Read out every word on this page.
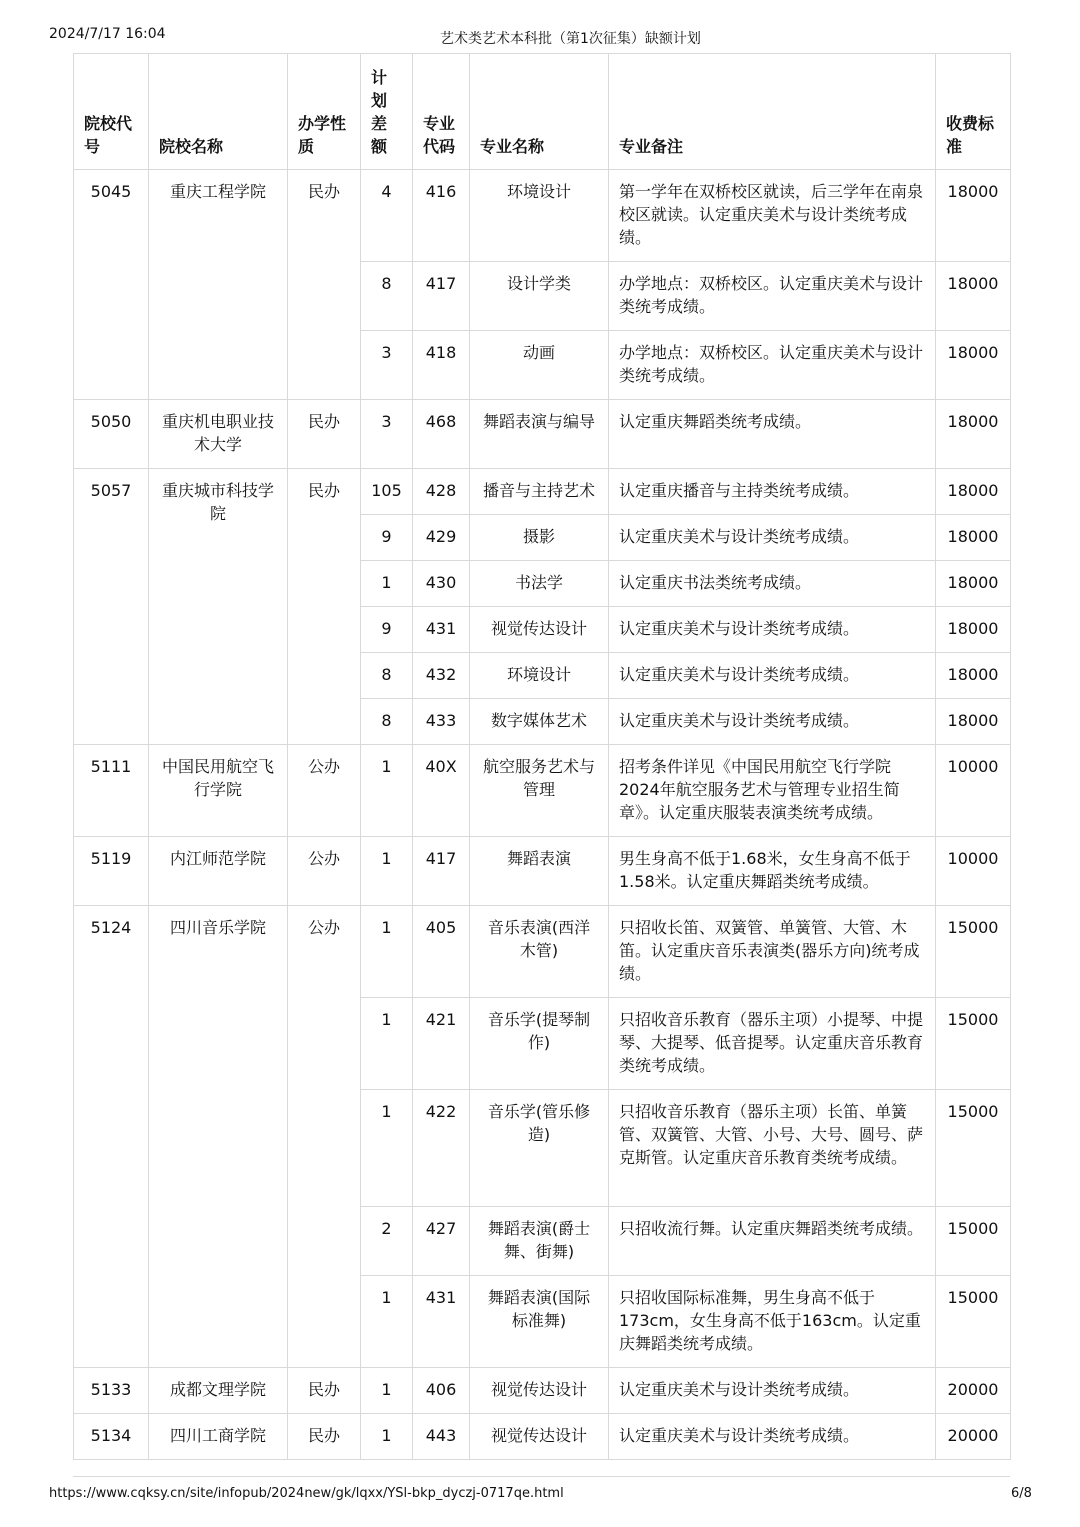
2024/7/17 16:04	艺术类艺术本科批（第1次征集）缺额计划
院校代号	院校名称	办学性质	计划差额	专业代码	专业名称	专业备注	收费标准
5045	重庆工程学院	民办	4	416	环境设计	第一学年在双桥校区就读，后三学年在南泉校区就读。认定重庆美术与设计类统考成绩。	18000
			8	417	设计学类	办学地点：双桥校区。认定重庆美术与设计类统考成绩。	18000
			3	418	动画	办学地点：双桥校区。认定重庆美术与设计类统考成绩。	18000
5050	重庆机电职业技术大学	民办	3	468	舞蹈表演与编导	认定重庆舞蹈类统考成绩。	18000
5057	重庆城市科技学院	民办	105	428	播音与主持艺术	认定重庆播音与主持类统考成绩。	18000
			9	429	摄影	认定重庆美术与设计类统考成绩。	18000
			1	430	书法学	认定重庆书法类统考成绩。	18000
			9	431	视觉传达设计	认定重庆美术与设计类统考成绩。	18000
			8	432	环境设计	认定重庆美术与设计类统考成绩。	18000
			8	433	数字媒体艺术	认定重庆美术与设计类统考成绩。	18000
5111	中国民用航空飞行学院	公办	1	40X	航空服务艺术与管理	招考条件详见《中国民用航空飞行学院2024年航空服务艺术与管理专业招生简章》。认定重庆服装表演类统考成绩。	10000
5119	内江师范学院	公办	1	417	舞蹈表演	男生身高不低于1.68米，女生身高不低于1.58米。认定重庆舞蹈类统考成绩。	10000
5124	四川音乐学院	公办	1	405	音乐表演(西洋木管)	只招收长笛、双簧管、单簧管、大管、木笛。认定重庆音乐表演类(器乐方向)统考成绩。	15000
			1	421	音乐学(提琴制作)	只招收音乐教育（器乐主项）小提琴、中提琴、大提琴、低音提琴。认定重庆音乐教育类统考成绩。	15000
			1	422	音乐学(管乐修造)	只招收音乐教育（器乐主项）长笛、单簧管、双簧管、大管、小号、大号、圆号、萨克斯管。认定重庆音乐教育类统考成绩。	15000
			2	427	舞蹈表演(爵士舞、街舞)	只招收流行舞。认定重庆舞蹈类统考成绩。	15000
			1	431	舞蹈表演(国际标准舞)	只招收国际标准舞，男生身高不低于173cm，女生身高不低于163cm。认定重庆舞蹈类统考成绩。	15000
5133	成都文理学院	民办	1	406	视觉传达设计	认定重庆美术与设计类统考成绩。	20000
5134	四川工商学院	民办	1	443	视觉传达设计	认定重庆美术与设计类统考成绩。	20000
https://www.cqksy.cn/site/infopub/2024new/gk/lqxx/YSl-bkp_dyczj-0717qe.html	6/8
